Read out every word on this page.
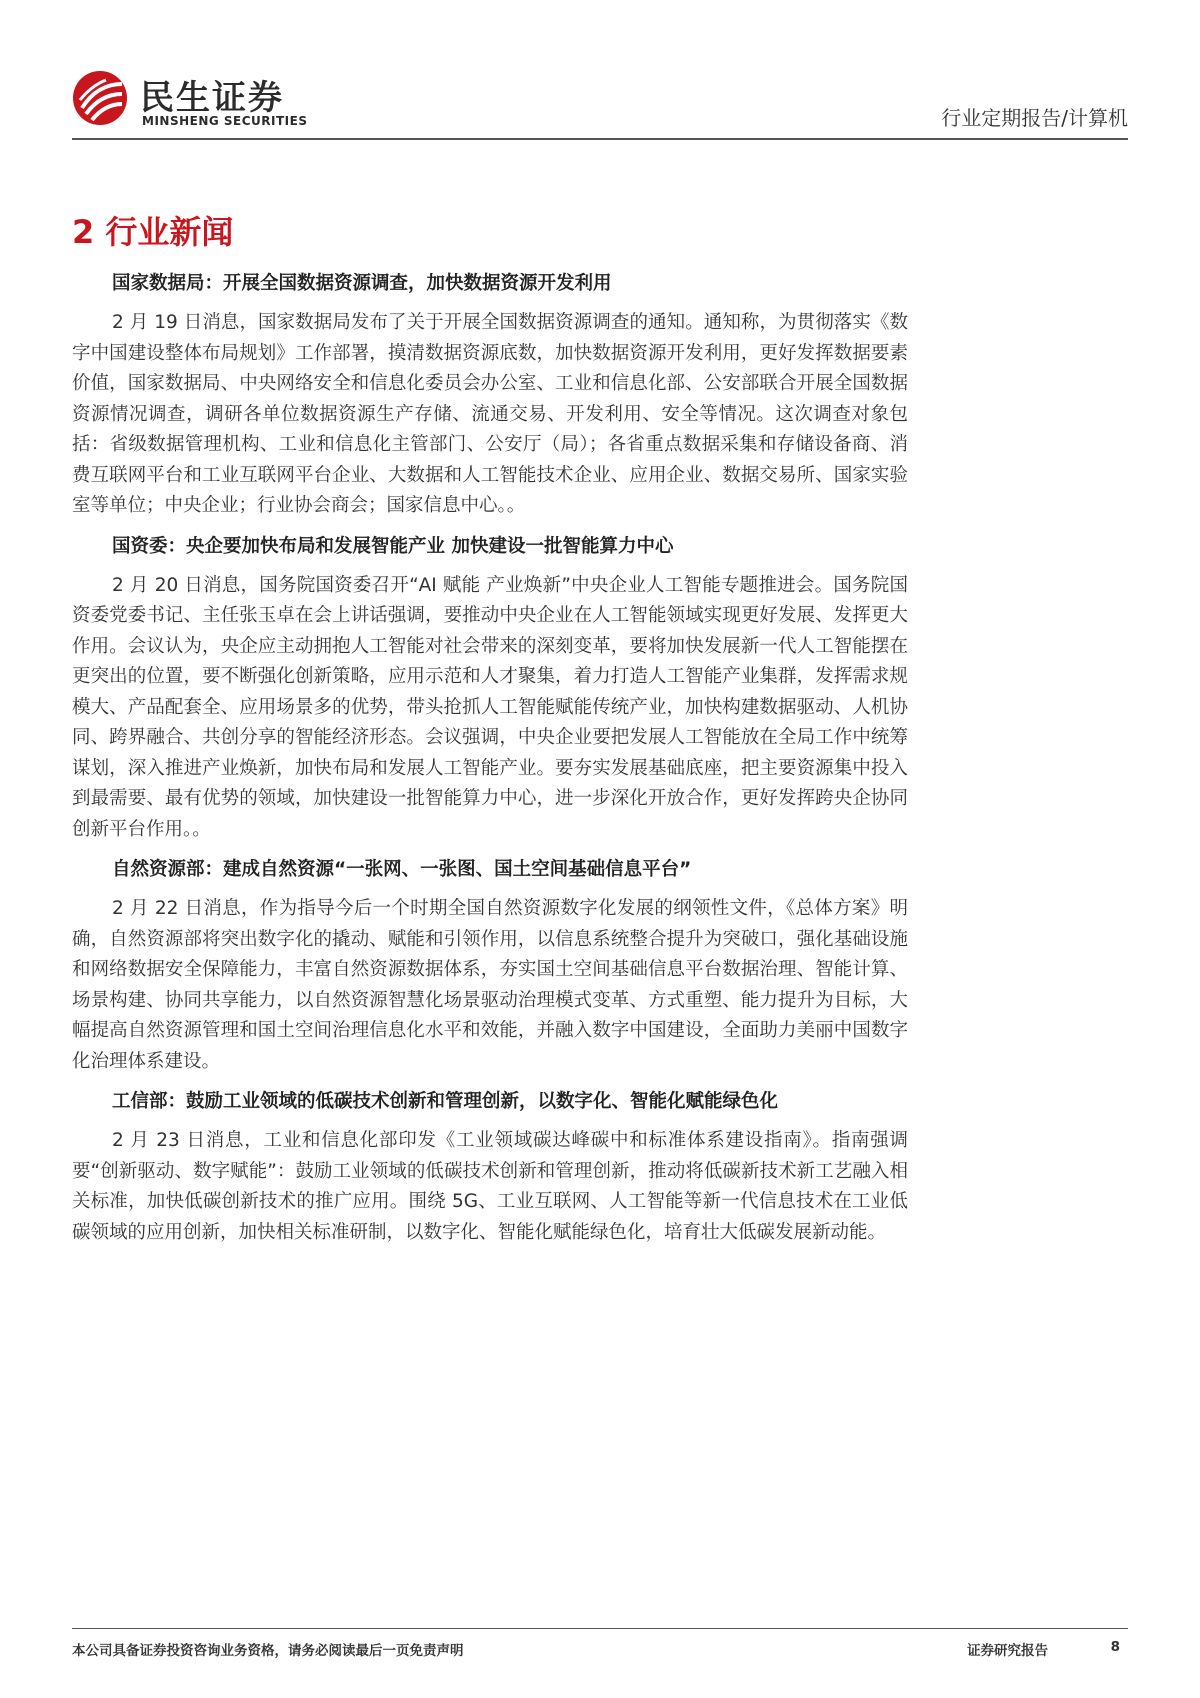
民生证券
MINSHENG SECURITIES	行业定期报告/计算机
2 行业新闻
国家数据局：开展全国数据资源调查，加快数据资源开发利用

2 月 19 日消息，国家数据局发布了关于开展全国数据资源调查的通知。通知称，为贯彻落实《数字中国建设整体布局规划》工作部署，摸清数据资源底数，加快数据资源开发利用，更好发挥数据要素价值，国家数据局、中央网络安全和信息化委员会办公室、工业和信息化部、公安部联合开展全国数据资源情况调查，调研各单位数据资源生产存储、流通交易、开发利用、安全等情况。这次调查对象包括：省级数据管理机构、工业和信息化主管部门、公安厅（局）；各省重点数据采集和存储设备商、消费互联网平台和工业互联网平台企业、大数据和人工智能技术企业、应用企业、数据交易所、国家实验室等单位；中央企业；行业协会商会；国家信息中心。。

国资委：央企要加快布局和发展智能产业 加快建设一批智能算力中心

2 月 20 日消息，国务院国资委召开“AI 赋能 产业焕新”中央企业人工智能专题推进会。国务院国资委党委书记、主任张玉卓在会上讲话强调，要推动中央企业在人工智能领域实现更好发展、发挥更大作用。会议认为，央企应主动拥抱人工智能对社会带来的深刻变革，要将加快发展新一代人工智能摆在更突出的位置，要不断强化创新策略，应用示范和人才聚集，着力打造人工智能产业集群，发挥需求规模大、产品配套全、应用场景多的优势，带头抢抓人工智能赋能传统产业，加快构建数据驱动、人机协同、跨界融合、共创分享的智能经济形态。会议强调，中央企业要把发展人工智能放在全局工作中统筹谋划，深入推进产业焕新，加快布局和发展人工智能产业。要夯实发展基础底座，把主要资源集中投入到最需要、最有优势的领域，加快建设一批智能算力中心，进一步深化开放合作，更好发挥跨央企协同创新平台作用。。

自然资源部：建成自然资源“一张网、一张图、国土空间基础信息平台”

2 月 22 日消息，作为指导今后一个时期全国自然资源数字化发展的纲领性文件，《总体方案》明确，自然资源部将突出数字化的撬动、赋能和引领作用，以信息系统整合提升为突破口，强化基础设施和网络数据安全保障能力，丰富自然资源数据体系，夯实国土空间基础信息平台数据治理、智能计算、场景构建、协同共享能力，以自然资源智慧化场景驱动治理模式变革、方式重塑、能力提升为目标，大幅提高自然资源管理和国土空间治理信息化水平和效能，并融入数字中国建设，全面助力美丽中国数字化治理体系建设。

工信部：鼓励工业领域的低碳技术创新和管理创新，以数字化、智能化赋能绿色化

2 月 23 日消息，工业和信息化部印发《工业领域碳达峰碳中和标准体系建设指南》。指南强调要“创新驱动、数字赋能”：鼓励工业领域的低碳技术创新和管理创新，推动将低碳新技术新工艺融入相关标准，加快低碳创新技术的推广应用。围绕 5G、工业互联网、人工智能等新一代信息技术在工业低碳领域的应用创新，加快相关标准研制，以数字化、智能化赋能绿色化，培育壮大低碳发展新动能。

本公司具备证券投资咨询业务资格，请务必阅读最后一页免责声明	证券研究报告	8
